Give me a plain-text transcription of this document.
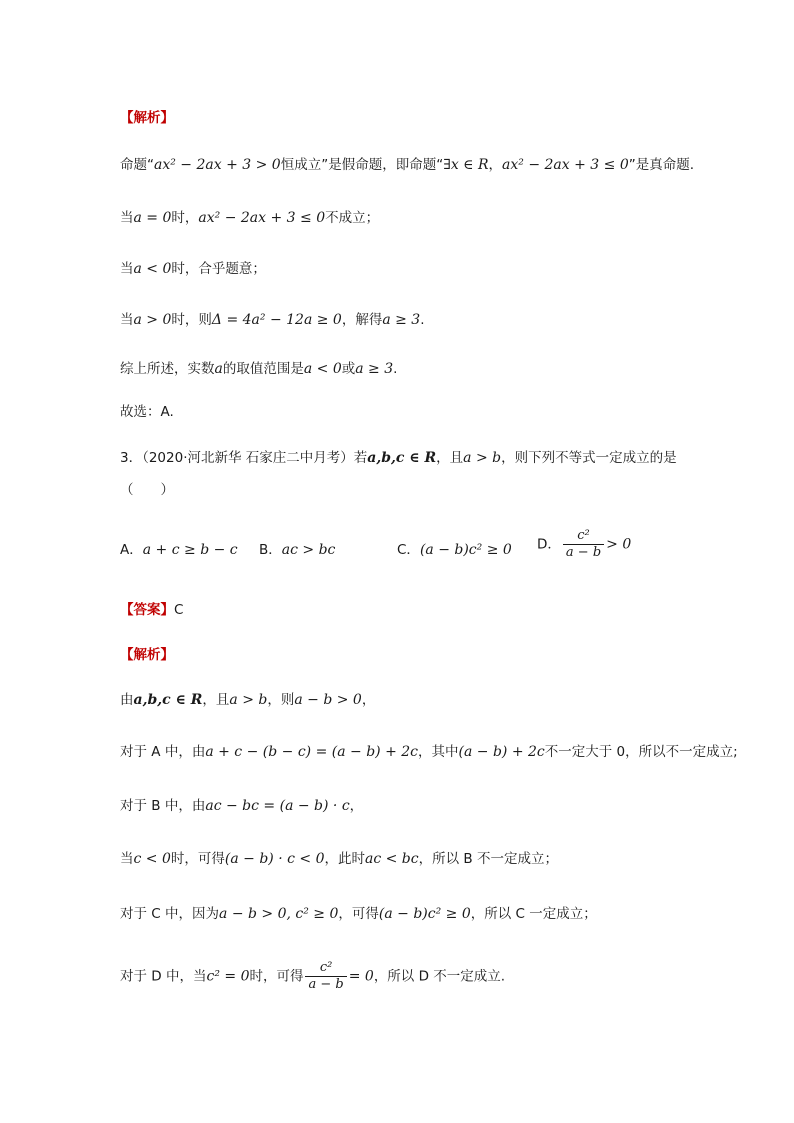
【解析】
命题“ax² − 2ax + 3 > 0恒成立”是假命题，即命题“∃x ∈ R，ax² − 2ax + 3 ≤ 0”是真命题.
当a = 0时，ax² − 2ax + 3 ≤ 0不成立；
当a < 0时，合乎题意；
当a > 0时，则Δ = 4a² − 12a ≥ 0，解得a ≥ 3.
综上所述，实数a的取值范围是a < 0或a ≥ 3.
故选：A.
3．（2020·河北新华 石家庄二中月考）若a,b,c ∈ R，且a > b，则下列不等式一定成立的是
（　　）
A．a + c ≥ b − c B．ac > bc	C．(a − b)c² ≥ 0 D． $\frac{\text{c²}}{a - b} > 0$
【答案】C
【解析】
由a,b,c ∈ R，且a > b，则a − b > 0，
对于 A 中，由a + c − (b − c) = (a − b) + 2c，其中(a − b) + 2c不一定大于 0，所以不一定成立;
对于 B 中，由ac − bc = (a − b) · c，
当c < 0时，可得(a − b) · c < 0，此时ac < bc，所以 B 不一定成立；
对于 C 中，因为a − b > 0, c² ≥ 0，可得(a − b)c² ≥ 0，所以 C 一定成立；
对于 D 中，当c² = 0时，可得 $\frac{\text{c²}}{a - b} = 0$，所以 D 不一定成立.
